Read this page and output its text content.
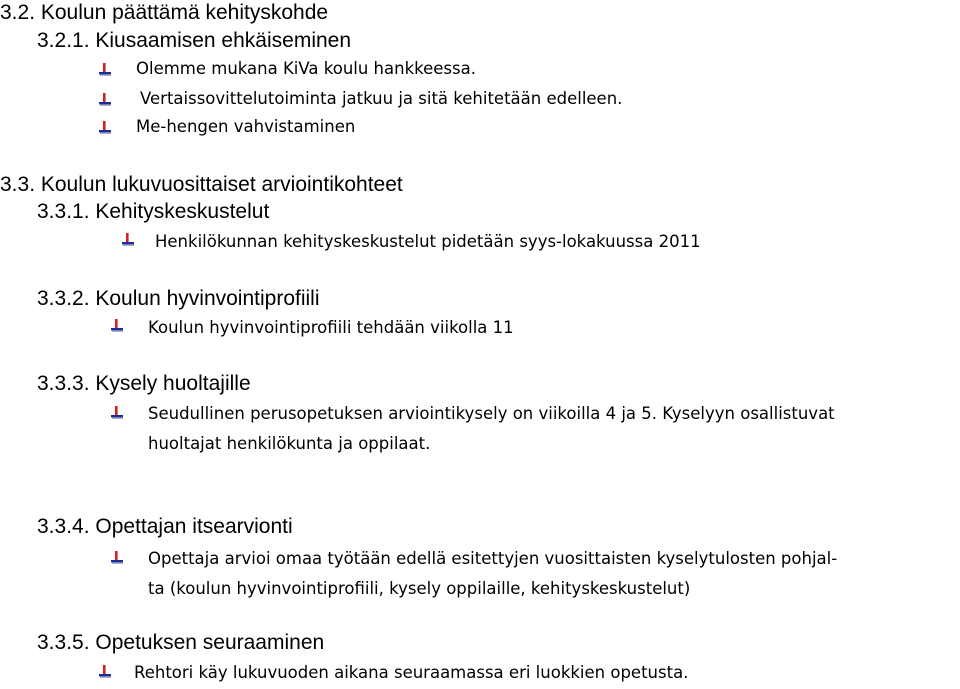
3.2. Koulun päättämä kehityskohde
3.2.1. Kiusaamisen ehkäiseminen
Olemme mukana KiVa koulu hankkeessa.
Vertaissovittelutoiminta jatkuu ja sitä kehitetään edelleen.
Me-hengen vahvistaminen
3.3. Koulun lukuvuosittaiset arviointikohteet
3.3.1. Kehityskeskustelut
Henkilökunnan kehityskeskustelut pidetään syys-lokakuussa 2011
3.3.2. Koulun hyvinvointiprofiili
Koulun hyvinvointiprofiili tehdään viikolla 11
3.3.3. Kysely huoltajille
Seudullinen perusopetuksen arviointikysely on viikoilla 4 ja 5. Kyselyyn osallistuvat
huoltajat henkilökunta ja oppilaat.
3.3.4. Opettajan itsearvionti
Opettaja arvioi omaa työtään edellä esitettyjen vuosittaisten kyselytulosten pohjal-
ta (koulun hyvinvointiprofiili, kysely oppilaille, kehityskeskustelut)
3.3.5. Opetuksen seuraaminen
Rehtori käy lukuvuoden aikana seuraamassa eri luokkien opetusta.
